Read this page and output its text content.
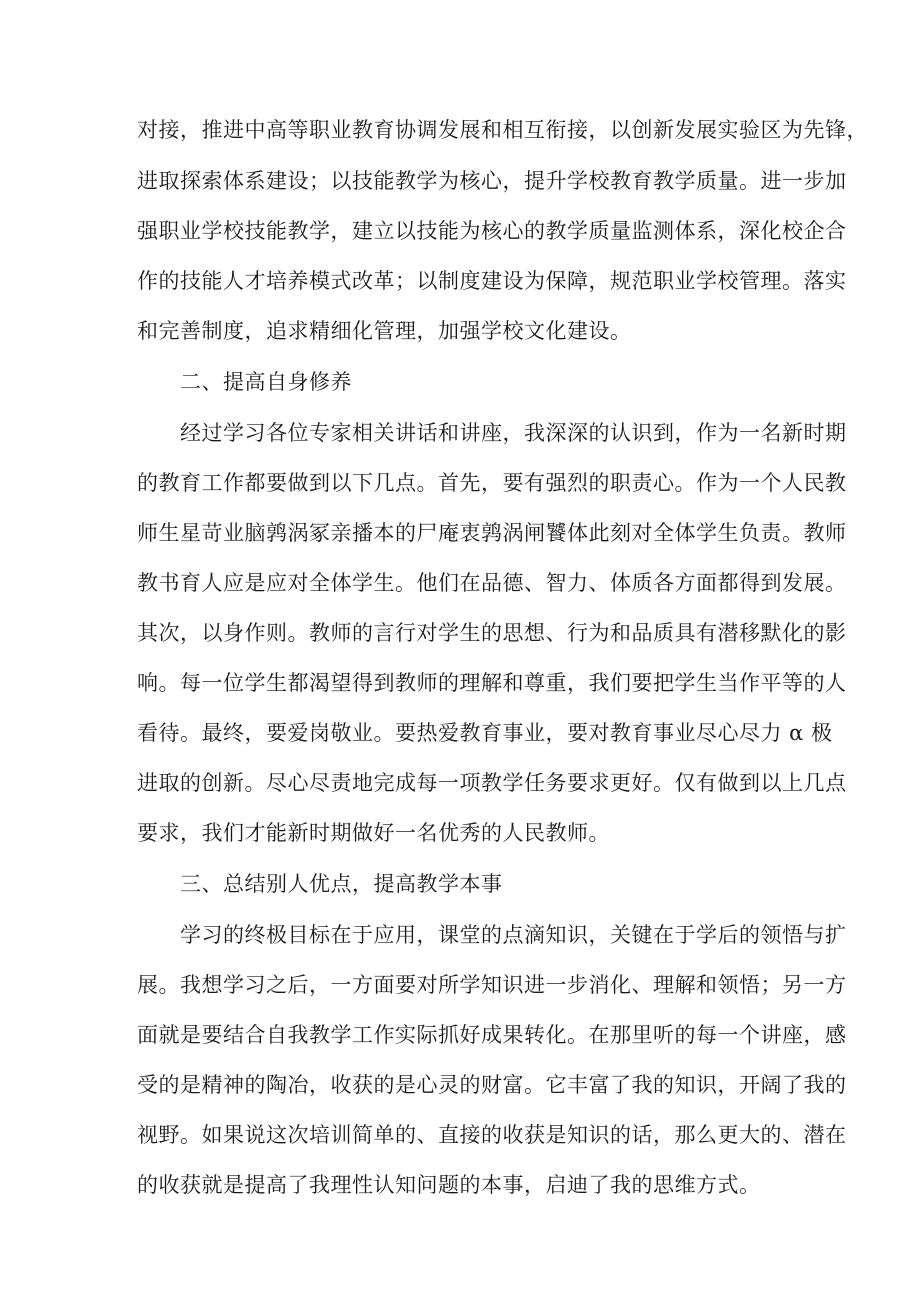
对接，推进中高等职业教育协调发展和相互衔接，以创新发展实验区为先锋，
进取探索体系建设；以技能教学为核心，提升学校教育教学质量。进一步加
强职业学校技能教学，建立以技能为核心的教学质量监测体系，深化校企合
作的技能人才培养模式改革；以制度建设为保障，规范职业学校管理。落实
和完善制度，追求精细化管理，加强学校文化建设。
二、提高自身修养
经过学习各位专家相关讲话和讲座，我深深的认识到，作为一名新时期
的教育工作都要做到以下几点。首先，要有强烈的职责心。作为一个人民教
师生星苛业脑鹑涡冢亲播本的尸庵衷鹑涡闸饕体此刻对全体学生负责。教师
教书育人应是应对全体学生。他们在品德、智力、体质各方面都得到发展。
其次，以身作则。教师的言行对学生的思想、行为和品质具有潜移默化的影
响。每一位学生都渴望得到教师的理解和尊重，我们要把学生当作平等的人
看待。最终，要爱岗敬业。要热爱教育事业，要对教育事业尽心尽力 α 极
进取的创新。尽心尽责地完成每一项教学任务要求更好。仅有做到以上几点
要求，我们才能新时期做好一名优秀的人民教师。
三、总结别人优点，提高教学本事
学习的终极目标在于应用，课堂的点滴知识，关键在于学后的领悟与扩
展。我想学习之后，一方面要对所学知识进一步消化、理解和领悟；另一方
面就是要结合自我教学工作实际抓好成果转化。在那里听的每一个讲座，感
受的是精神的陶冶，收获的是心灵的财富。它丰富了我的知识，开阔了我的
视野。如果说这次培训简单的、直接的收获是知识的话，那么更大的、潜在
的收获就是提高了我理性认知问题的本事，启迪了我的思维方式。
